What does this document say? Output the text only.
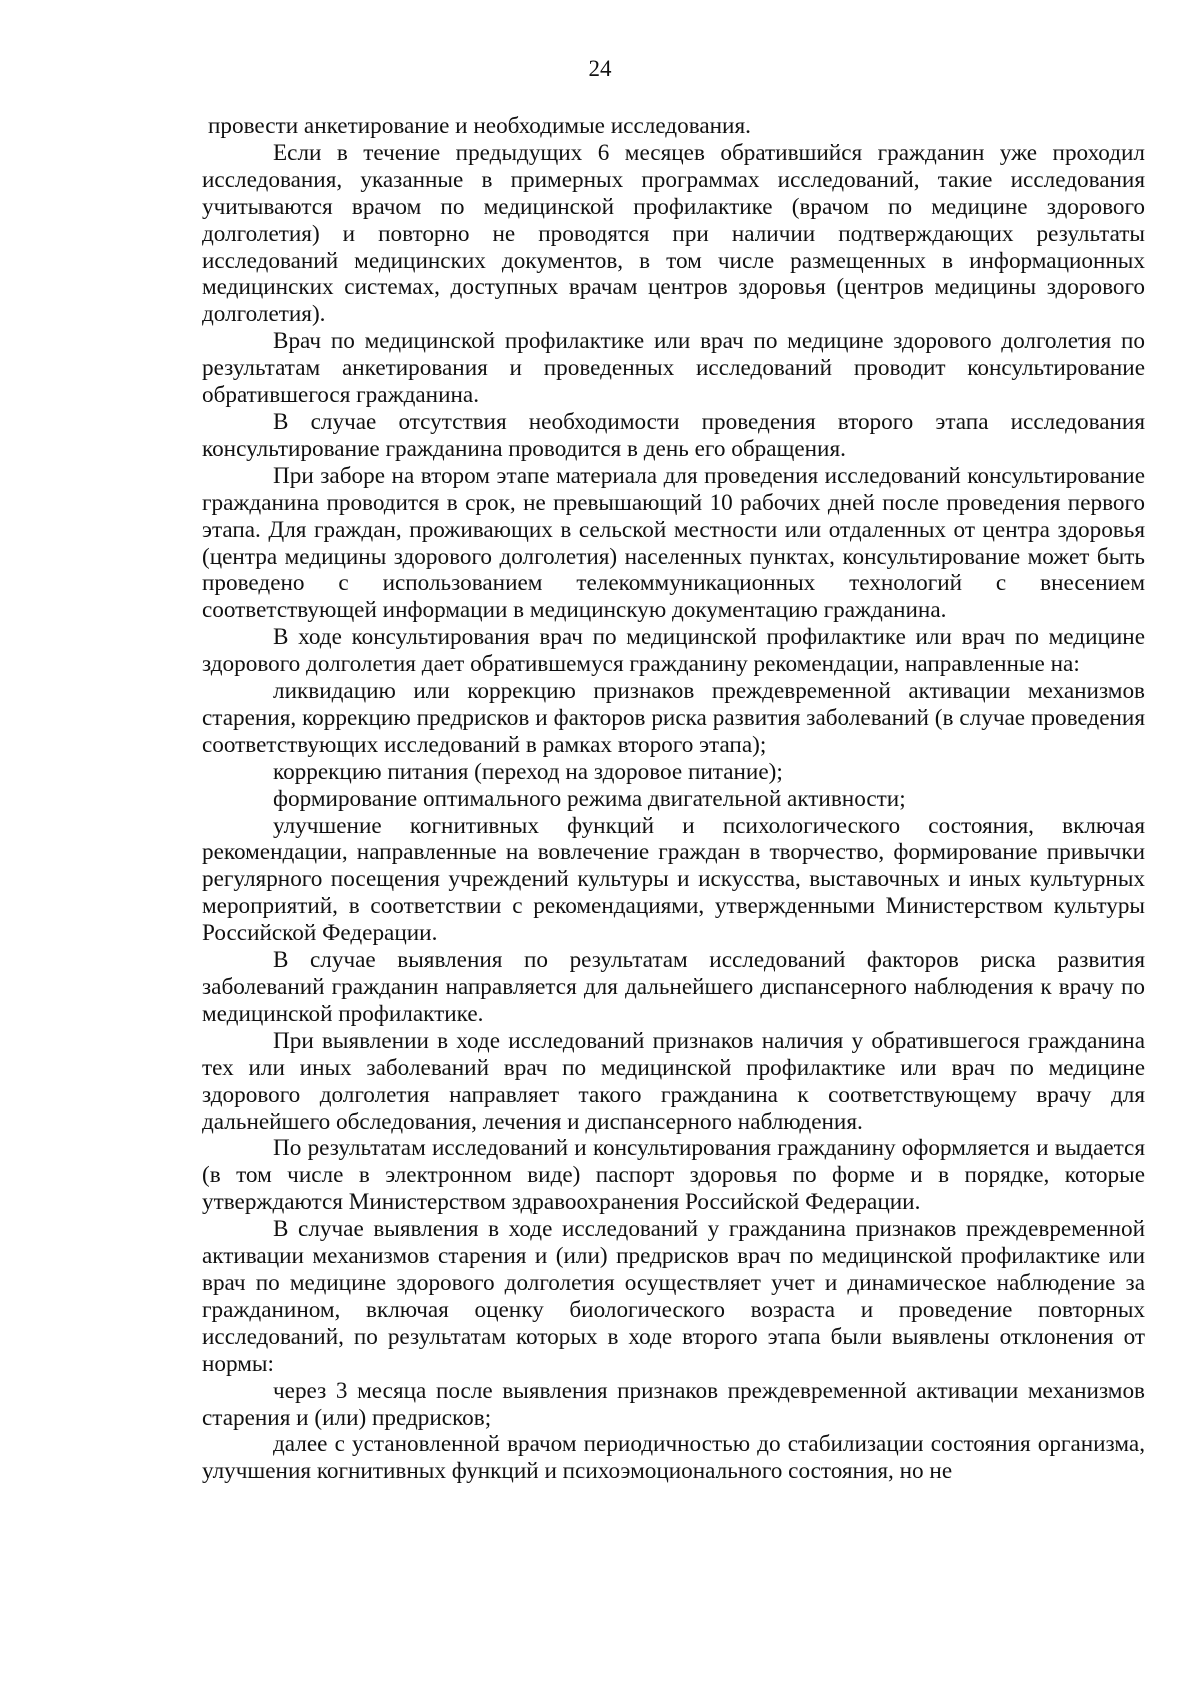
24

провести анкетирование и необходимые исследования.

Если в течение предыдущих 6 месяцев обратившийся гражданин уже проходил исследования, указанные в примерных программах исследований, такие исследования учитываются врачом по медицинской профилактике (врачом по медицине здорового долголетия) и повторно не проводятся при наличии подтверждающих результаты исследований медицинских документов, в том числе размещенных в информационных медицинских системах, доступных врачам центров здоровья (центров медицины здорового долголетия).

Врач по медицинской профилактике или врач по медицине здорового долголетия по результатам анкетирования и проведенных исследований проводит консультирование обратившегося гражданина.

В случае отсутствия необходимости проведения второго этапа исследования консультирование гражданина проводится в день его обращения.

При заборе на втором этапе материала для проведения исследований консультирование гражданина проводится в срок, не превышающий 10 рабочих дней после проведения первого этапа. Для граждан, проживающих в сельской местности или отдаленных от центра здоровья (центра медицины здорового долголетия) населенных пунктах, консультирование может быть проведено с использованием телекоммуникационных технологий с внесением соответствующей информации в медицинскую документацию гражданина.

В ходе консультирования врач по медицинской профилактике или врач по медицине здорового долголетия дает обратившемуся гражданину рекомендации, направленные на:

ликвидацию или коррекцию признаков преждевременной активации механизмов старения, коррекцию предрисков и факторов риска развития заболеваний (в случае проведения соответствующих исследований в рамках второго этапа);

коррекцию питания (переход на здоровое питание);

формирование оптимального режима двигательной активности;

улучшение когнитивных функций и психологического состояния, включая рекомендации, направленные на вовлечение граждан в творчество, формирование привычки регулярного посещения учреждений культуры и искусства, выставочных и иных культурных мероприятий, в соответствии с рекомендациями, утвержденными Министерством культуры Российской Федерации.

В случае выявления по результатам исследований факторов риска развития заболеваний гражданин направляется для дальнейшего диспансерного наблюдения к врачу по медицинской профилактике.

При выявлении в ходе исследований признаков наличия у обратившегося гражданина тех или иных заболеваний врач по медицинской профилактике или врач по медицине здорового долголетия направляет такого гражданина к соответствующему врачу для дальнейшего обследования, лечения и диспансерного наблюдения.

По результатам исследований и консультирования гражданину оформляется и выдается (в том числе в электронном виде) паспорт здоровья по форме и в порядке, которые утверждаются Министерством здравоохранения Российской Федерации.

В случае выявления в ходе исследований у гражданина признаков преждевременной активации механизмов старения и (или) предрисков врач по медицинской профилактике или врач по медицине здорового долголетия осуществляет учет и динамическое наблюдение за гражданином, включая оценку биологического возраста и проведение повторных исследований, по результатам которых в ходе второго этапа были выявлены отклонения от нормы:

через 3 месяца после выявления признаков преждевременной активации механизмов старения и (или) предрисков;

далее с установленной врачом периодичностью до стабилизации состояния организма, улучшения когнитивных функций и психоэмоционального состояния, но не
